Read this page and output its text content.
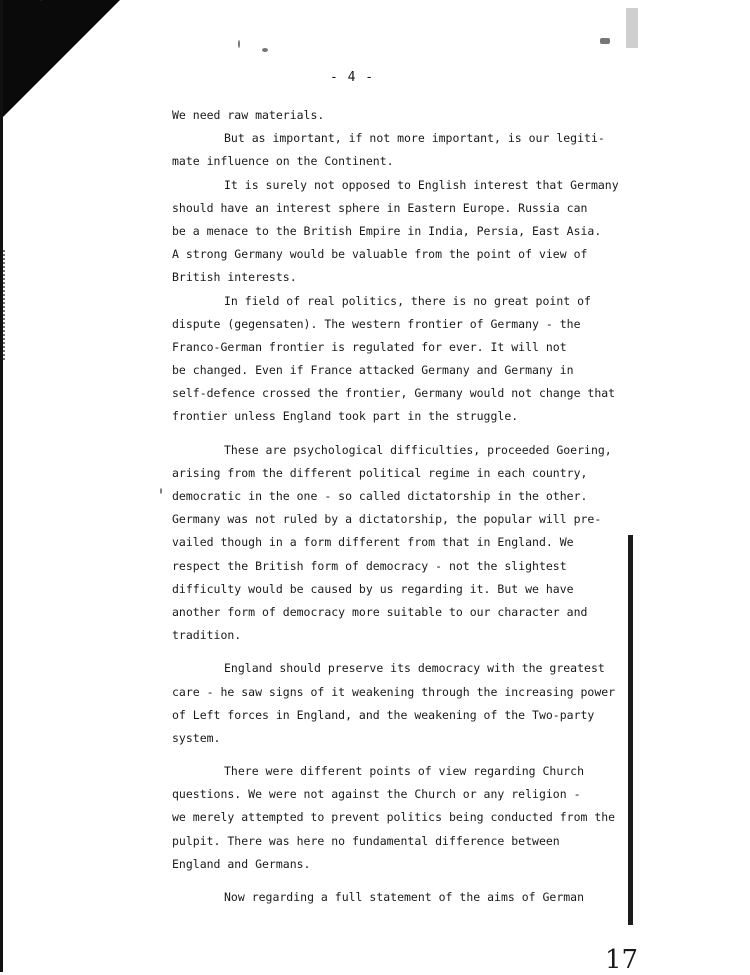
- 4 -
We need raw materials.
But as important, if not more important, is our legiti-
mate influence on the Continent.
It is surely not opposed to English interest that Germany
should have an interest sphere in Eastern Europe. Russia can
be a menace to the British Empire in India, Persia, East Asia.
A strong Germany would be valuable from the point of view of
British interests.
In field of real politics, there is no great point of
dispute (gegensaten). The western frontier of Germany - the
Franco-German frontier is regulated for ever. It will not
be changed. Even if France attacked Germany and Germany in
self-defence crossed the frontier, Germany would not change that
frontier unless England took part in the struggle.
These are psychological difficulties, proceeded Goering,
arising from the different political regime in each country,
democratic in the one - so called dictatorship in the other.
Germany was not ruled by a dictatorship, the popular will pre-
vailed though in a form different from that in England. We
respect the British form of democracy - not the slightest
difficulty would be caused by us regarding it. But we have
another form of democracy more suitable to our character and
tradition.
England should preserve its democracy with the greatest
care - he saw signs of it weakening through the increasing power
of Left forces in England, and the weakening of the Two-party
system.
There were different points of view regarding Church
questions. We were not against the Church or any religion -
we merely attempted to prevent politics being conducted from the
pulpit. There was here no fundamental difference between
England and Germans.
Now regarding a full statement of the aims of German
17
